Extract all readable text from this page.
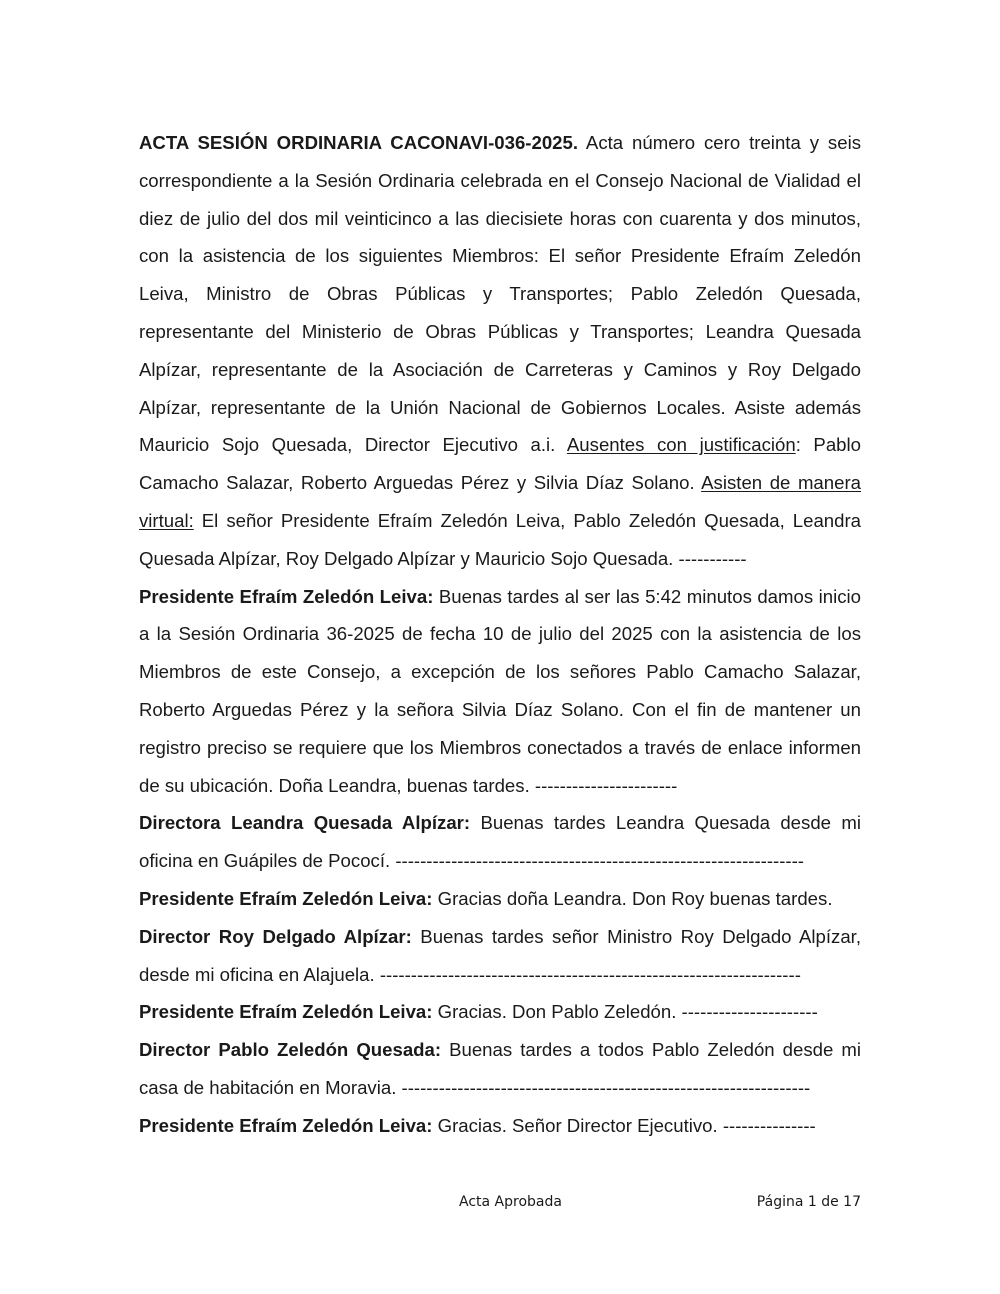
ACTA SESIÓN ORDINARIA CACONAVI-036-2025. Acta número cero treinta y seis correspondiente a la Sesión Ordinaria celebrada en el Consejo Nacional de Vialidad el diez de julio del dos mil veinticinco a las diecisiete horas con cuarenta y dos minutos, con la asistencia de los siguientes Miembros: El señor Presidente Efraím Zeledón Leiva, Ministro de Obras Públicas y Transportes; Pablo Zeledón Quesada, representante del Ministerio de Obras Públicas y Transportes; Leandra Quesada Alpízar, representante de la Asociación de Carreteras y Caminos y Roy Delgado Alpízar, representante de la Unión Nacional de Gobiernos Locales. Asiste además Mauricio Sojo Quesada, Director Ejecutivo a.i. Ausentes con justificación: Pablo Camacho Salazar, Roberto Arguedas Pérez y Silvia Díaz Solano. Asisten de manera virtual: El señor Presidente Efraím Zeledón Leiva, Pablo Zeledón Quesada, Leandra Quesada Alpízar, Roy Delgado Alpízar y Mauricio Sojo Quesada. -----------

Presidente Efraím Zeledón Leiva: Buenas tardes al ser las 5:42 minutos damos inicio a la Sesión Ordinaria 36-2025 de fecha 10 de julio del 2025 con la asistencia de los Miembros de este Consejo, a excepción de los señores Pablo Camacho Salazar, Roberto Arguedas Pérez y la señora Silvia Díaz Solano. Con el fin de mantener un registro preciso se requiere que los Miembros conectados a través de enlace informen de su ubicación. Doña Leandra, buenas tardes. -----------------------

Directora Leandra Quesada Alpízar: Buenas tardes Leandra Quesada desde mi oficina en Guápiles de Pococí. ------------------------------------------------------------------

Presidente Efraím Zeledón Leiva: Gracias doña Leandra. Don Roy buenas tardes.

Director Roy Delgado Alpízar: Buenas tardes señor Ministro Roy Delgado Alpízar, desde mi oficina en Alajuela. --------------------------------------------------------------------

Presidente Efraím Zeledón Leiva: Gracias. Don Pablo Zeledón. ----------------------

Director Pablo Zeledón Quesada: Buenas tardes a todos Pablo Zeledón desde mi casa de habitación en Moravia. ------------------------------------------------------------------

Presidente Efraím Zeledón Leiva: Gracias. Señor Director Ejecutivo. ---------------

Acta Aprobada	Página 1 de 17
